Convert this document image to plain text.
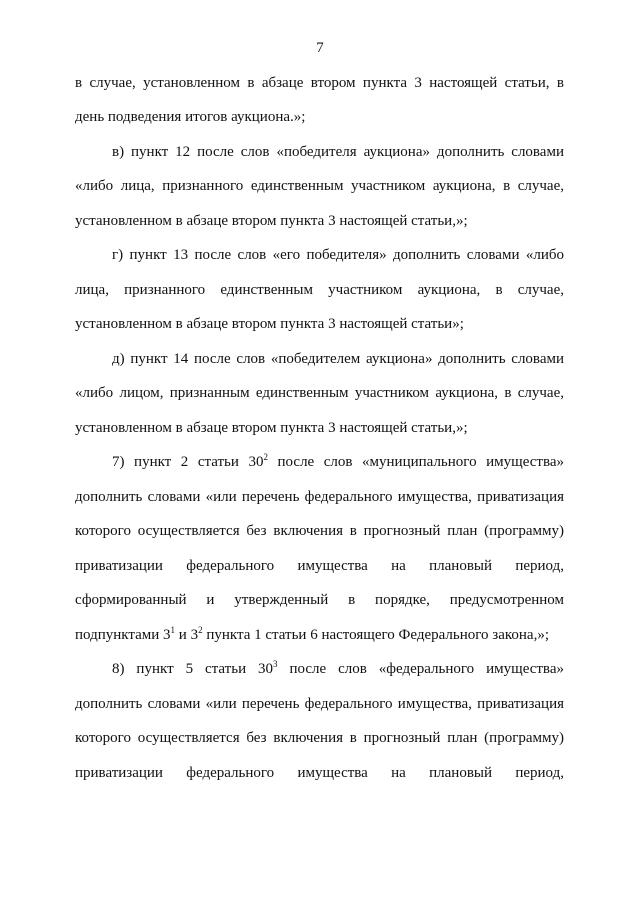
7
в случае, установленном в абзаце втором пункта 3 настоящей статьи, в
день подведения итогов аукциона.»;
в) пункт 12 после слов «победителя аукциона» дополнить словами
«либо лица, признанного единственным участником аукциона, в случае,
установленном в абзаце втором пункта 3 настоящей статьи,»;
г) пункт 13 после слов «его победителя» дополнить словами «либо
лица, признанного единственным участником аукциона, в случае,
установленном в абзаце втором пункта 3 настоящей статьи»;
д) пункт 14 после слов «победителем аукциона» дополнить словами
«либо лицом, признанным единственным участником аукциона, в случае,
установленном в абзаце втором пункта 3 настоящей статьи,»;
7) пункт 2 статьи $30^2$ после слов «муниципального имущества»
дополнить словами «или перечень федерального имущества, приватизация
которого осуществляется без включения в прогнозный план (программу)
приватизации федерального имущества на плановый период,
сформированный и утвержденный в порядке, предусмотренном
подпунктами $3^1$ и $3^2$ пункта 1 статьи 6 настоящего Федерального закона,»;
8) пункт 5 статьи $30^3$ после слов «федерального имущества»
дополнить словами «или перечень федерального имущества, приватизация
которого осуществляется без включения в прогнозный план (программу)
приватизации федерального имущества на плановый период,
